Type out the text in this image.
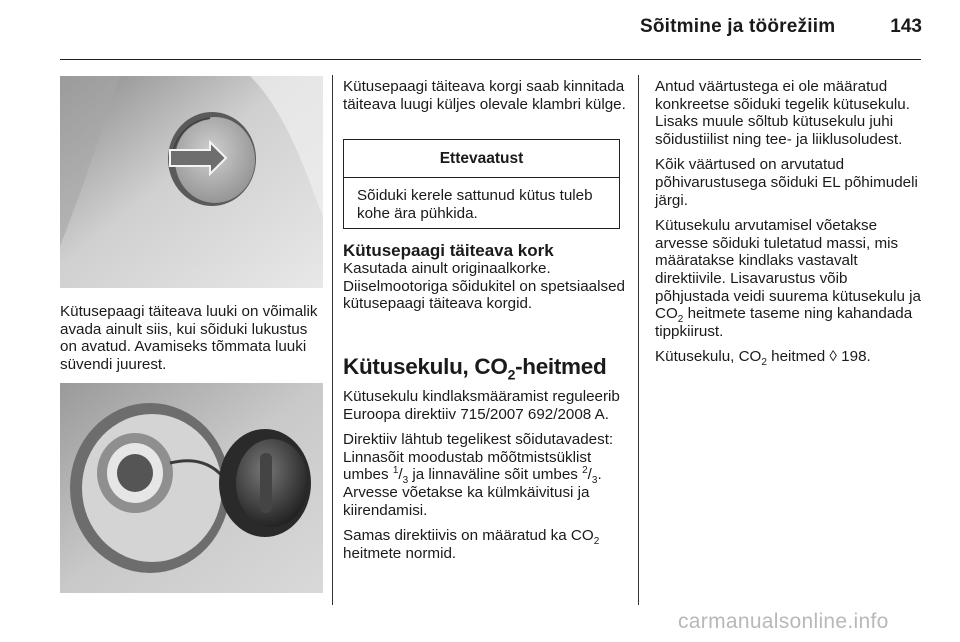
Sõitmine ja töörežiim	143

Kütusepaagi täiteava luuki on võimalik avada ainult siis, kui sõiduki lukustus on avatud. Avamiseks tõmmata luuki süvendi juurest.

Kütusepaagi täiteava korgi saab kinnitada täiteava luugi küljes olevale klambri külge.

Ettevaatust
Sõiduki kerele sattunud kütus tuleb kohe ära pühkida.
Kütusepaagi täiteava kork

Kasutada ainult originaalkorke. Diiselmootoriga sõidukitel on spetsiaalsed kütusepaagi täiteava korgid.

Kütusekulu, $CO_2$-heitmed

Kütusekulu kindlaksmääramist reguleerib Euroopa direktiiv 715/2007 692/2008 A.

Direktiiv lähtub tegelikest sõidutavadest: Linnasõit moodustab mõõtmistsüklist umbes $^1/_3$ ja linnaväline sõit umbes $^2/_3$. Arvesse võetakse ka külmkäivitusi ja kiirendamisi.

Samas direktiivis on määratud ka $CO_2$ heitmete normid.

Antud väärtustega ei ole määratud konkreetse sõiduki tegelik kütusekulu. Lisaks muule sõltub kütusekulu juhi sõidustiilist ning tee- ja liiklusoludest.

Kõik väärtused on arvutatud põhivarustusega sõiduki EL põhimudeli järgi.

Kütusekulu arvutamisel võetakse arvesse sõiduki tuletatud massi, mis määratakse kindlaks vastavalt direktiivile. Lisavarustus võib põhjustada veidi suurema kütusekulu ja $CO_2$ heitmete taseme ning kahandada tippkiirust.

Kütusekulu, $CO_2$ heitmed ◊ 198.

carmanualsonline.info
